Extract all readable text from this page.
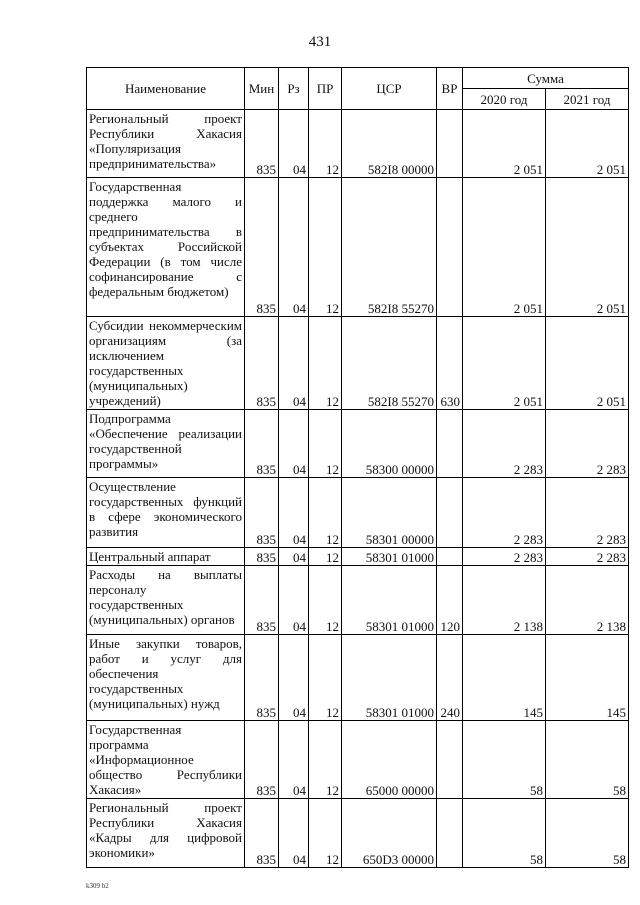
431
Наименование	Мин	Рз	ПР	ЦСР	ВР	Сумма	
						2020 год	2021 год
Региональный проект Республики Хакасия «Популяризация предпринимательства»	835	04	12	582I8 00000		2 051	2 051
Государственная поддержка малого и среднего предпринимательства в субъектах Российской Федерации (в том числе софинансирование с федеральным бюджетом)	835	04	12	582I8 55270		2 051	2 051
Субсидии некоммерческим организациям (за исключением государственных (муниципальных) учреждений)	835	04	12	582I8 55270	630	2 051	2 051
Подпрограмма «Обеспечение реализации государственной программы»	835	04	12	58300 00000		2 283	2 283
Осуществление государственных функций в сфере экономического развития	835	04	12	58301 00000		2 283	2 283
Центральный аппарат	835	04	12	58301 01000		2 283	2 283
Расходы на выплаты персоналу государственных (муниципальных) органов	835	04	12	58301 01000	120	2 138	2 138
Иные закупки товаров, работ и услуг для обеспечения государственных (муниципальных) нужд	835	04	12	58301 01000	240	145	145
Государственная программа «Информационное общество Республики Хакасия»	835	04	12	65000 00000		58	58
Региональный проект Республики Хакасия «Кадры для цифровой экономики»	835	04	12	650D3 00000		58	58
k309 b2
